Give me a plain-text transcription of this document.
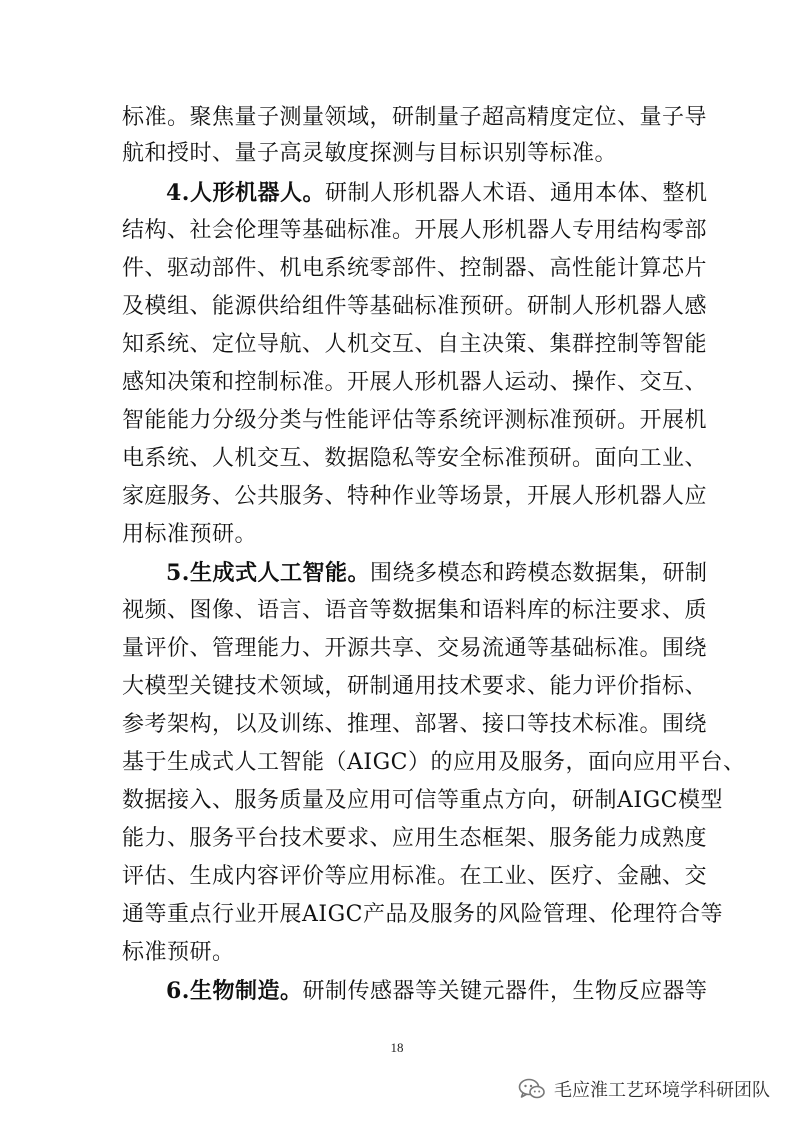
标准。聚焦量子测量领域，研制量子超高精度定位、量子导
航和授时、量子高灵敏度探测与目标识别等标准。
4.人形机器人。研制人形机器人术语、通用本体、整机
结构、社会伦理等基础标准。开展人形机器人专用结构零部
件、驱动部件、机电系统零部件、控制器、高性能计算芯片
及模组、能源供给组件等基础标准预研。研制人形机器人感
知系统、定位导航、人机交互、自主决策、集群控制等智能
感知决策和控制标准。开展人形机器人运动、操作、交互、
智能能力分级分类与性能评估等系统评测标准预研。开展机
电系统、人机交互、数据隐私等安全标准预研。面向工业、
家庭服务、公共服务、特种作业等场景，开展人形机器人应
用标准预研。
5.生成式人工智能。围绕多模态和跨模态数据集，研制
视频、图像、语言、语音等数据集和语料库的标注要求、质
量评价、管理能力、开源共享、交易流通等基础标准。围绕
大模型关键技术领域，研制通用技术要求、能力评价指标、
参考架构，以及训练、推理、部署、接口等技术标准。围绕
基于生成式人工智能（AIGC）的应用及服务，面向应用平台、
数据接入、服务质量及应用可信等重点方向，研制AIGC模型
能力、服务平台技术要求、应用生态框架、服务能力成熟度
评估、生成内容评价等应用标准。在工业、医疗、金融、交
通等重点行业开展AIGC产品及服务的风险管理、伦理符合等
标准预研。
6.生物制造。研制传感器等关键元器件，生物反应器等
18
毛应淮工艺环境学科研团队
